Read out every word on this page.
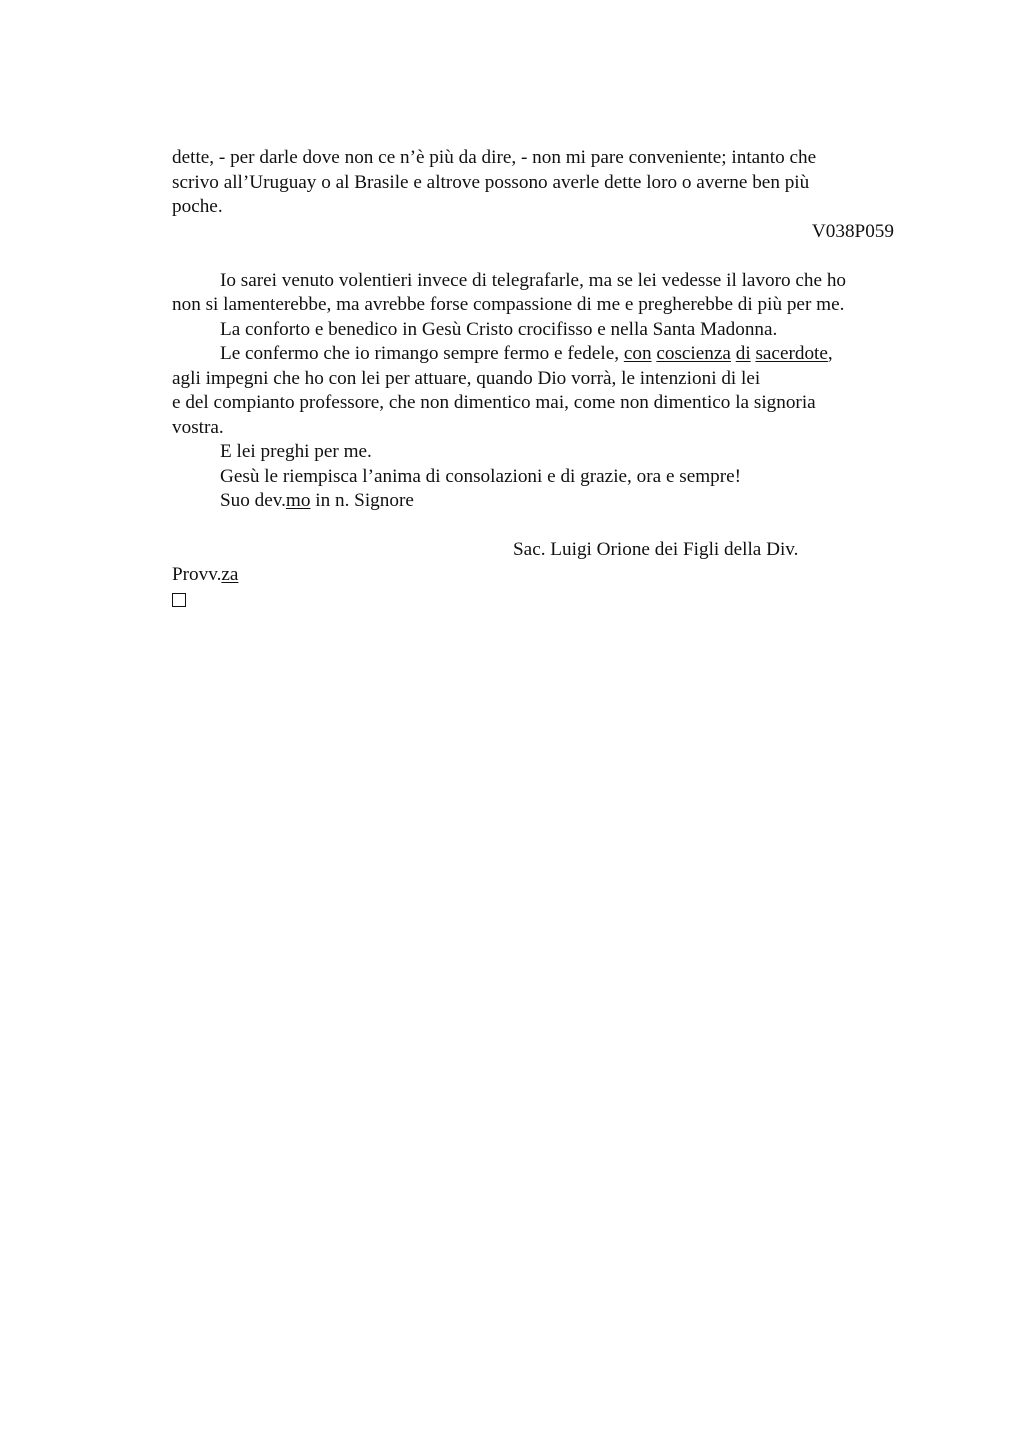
dette, - per darle dove non ce n’è più da dire, - non mi pare conveniente; intanto che
scrivo all’Uruguay o al Brasile e altrove possono averle dette loro o averne ben più
poche.
V038P059
Io sarei venuto volentieri invece di telegrafarle, ma se lei vedesse il lavoro che ho
non si lamenterebbe, ma avrebbe forse compassione di me e pregherebbe di più per me.
La conforto e benedico in Gesù Cristo crocifisso e nella Santa Madonna.
Le confermo che io rimango sempre fermo e fedele, con coscienza di sacerdote,
agli impegni che ho con lei per attuare, quando Dio vorrà, le intenzioni di lei
e del compianto professore, che non dimentico mai, come non dimentico la signoria
vostra.
E lei preghi per me.
Gesù le riempisca l’anima di consolazioni e di grazie, ora e sempre!
Suo dev.mo in n. Signore
Sac. Luigi Orione dei Figli della Div.
Provv.za
